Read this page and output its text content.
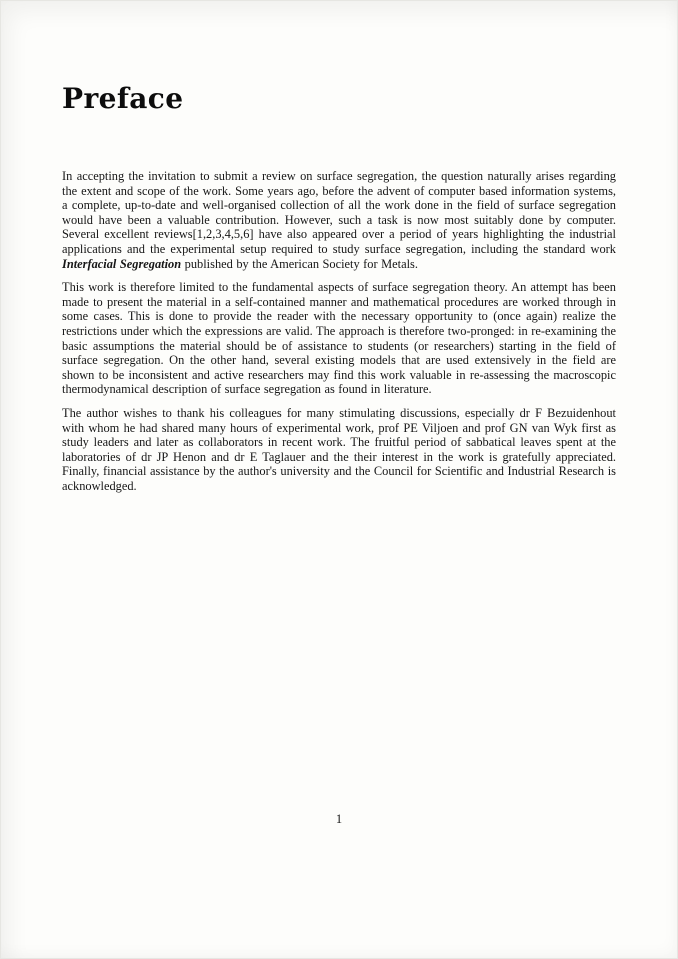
Preface

In accepting the invitation to submit a review on surface segregation, the question naturally arises regarding the extent and scope of the work. Some years ago, before the advent of computer based information systems, a complete, up-to-date and well-organised collection of all the work done in the field of surface segregation would have been a valuable contribution. However, such a task is now most suitably done by computer. Several excellent reviews[1,2,3,4,5,6] have also appeared over a period of years highlighting the industrial applications and the experimental setup required to study surface segregation, including the standard work Interfacial Segregation published by the American Society for Metals.

This work is therefore limited to the fundamental aspects of surface segregation theory. An attempt has been made to present the material in a self-contained manner and mathematical procedures are worked through in some cases. This is done to provide the reader with the necessary opportunity to (once again) realize the restrictions under which the expressions are valid. The approach is therefore two-pronged: in re-examining the basic assumptions the material should be of assistance to students (or researchers) starting in the field of surface segregation. On the other hand, several existing models that are used extensively in the field are shown to be inconsistent and active researchers may find this work valuable in re-assessing the macroscopic thermodynamical description of surface segregation as found in literature.

The author wishes to thank his colleagues for many stimulating discussions, especially dr F Bezuidenhout with whom he had shared many hours of experimental work, prof PE Viljoen and prof GN van Wyk first as study leaders and later as collaborators in recent work. The fruitful period of sabbatical leaves spent at the laboratories of dr JP Henon and dr E Taglauer and the their interest in the work is gratefully appreciated. Finally, financial assistance by the author's university and the Council for Scientific and Industrial Research is acknowledged.

1
